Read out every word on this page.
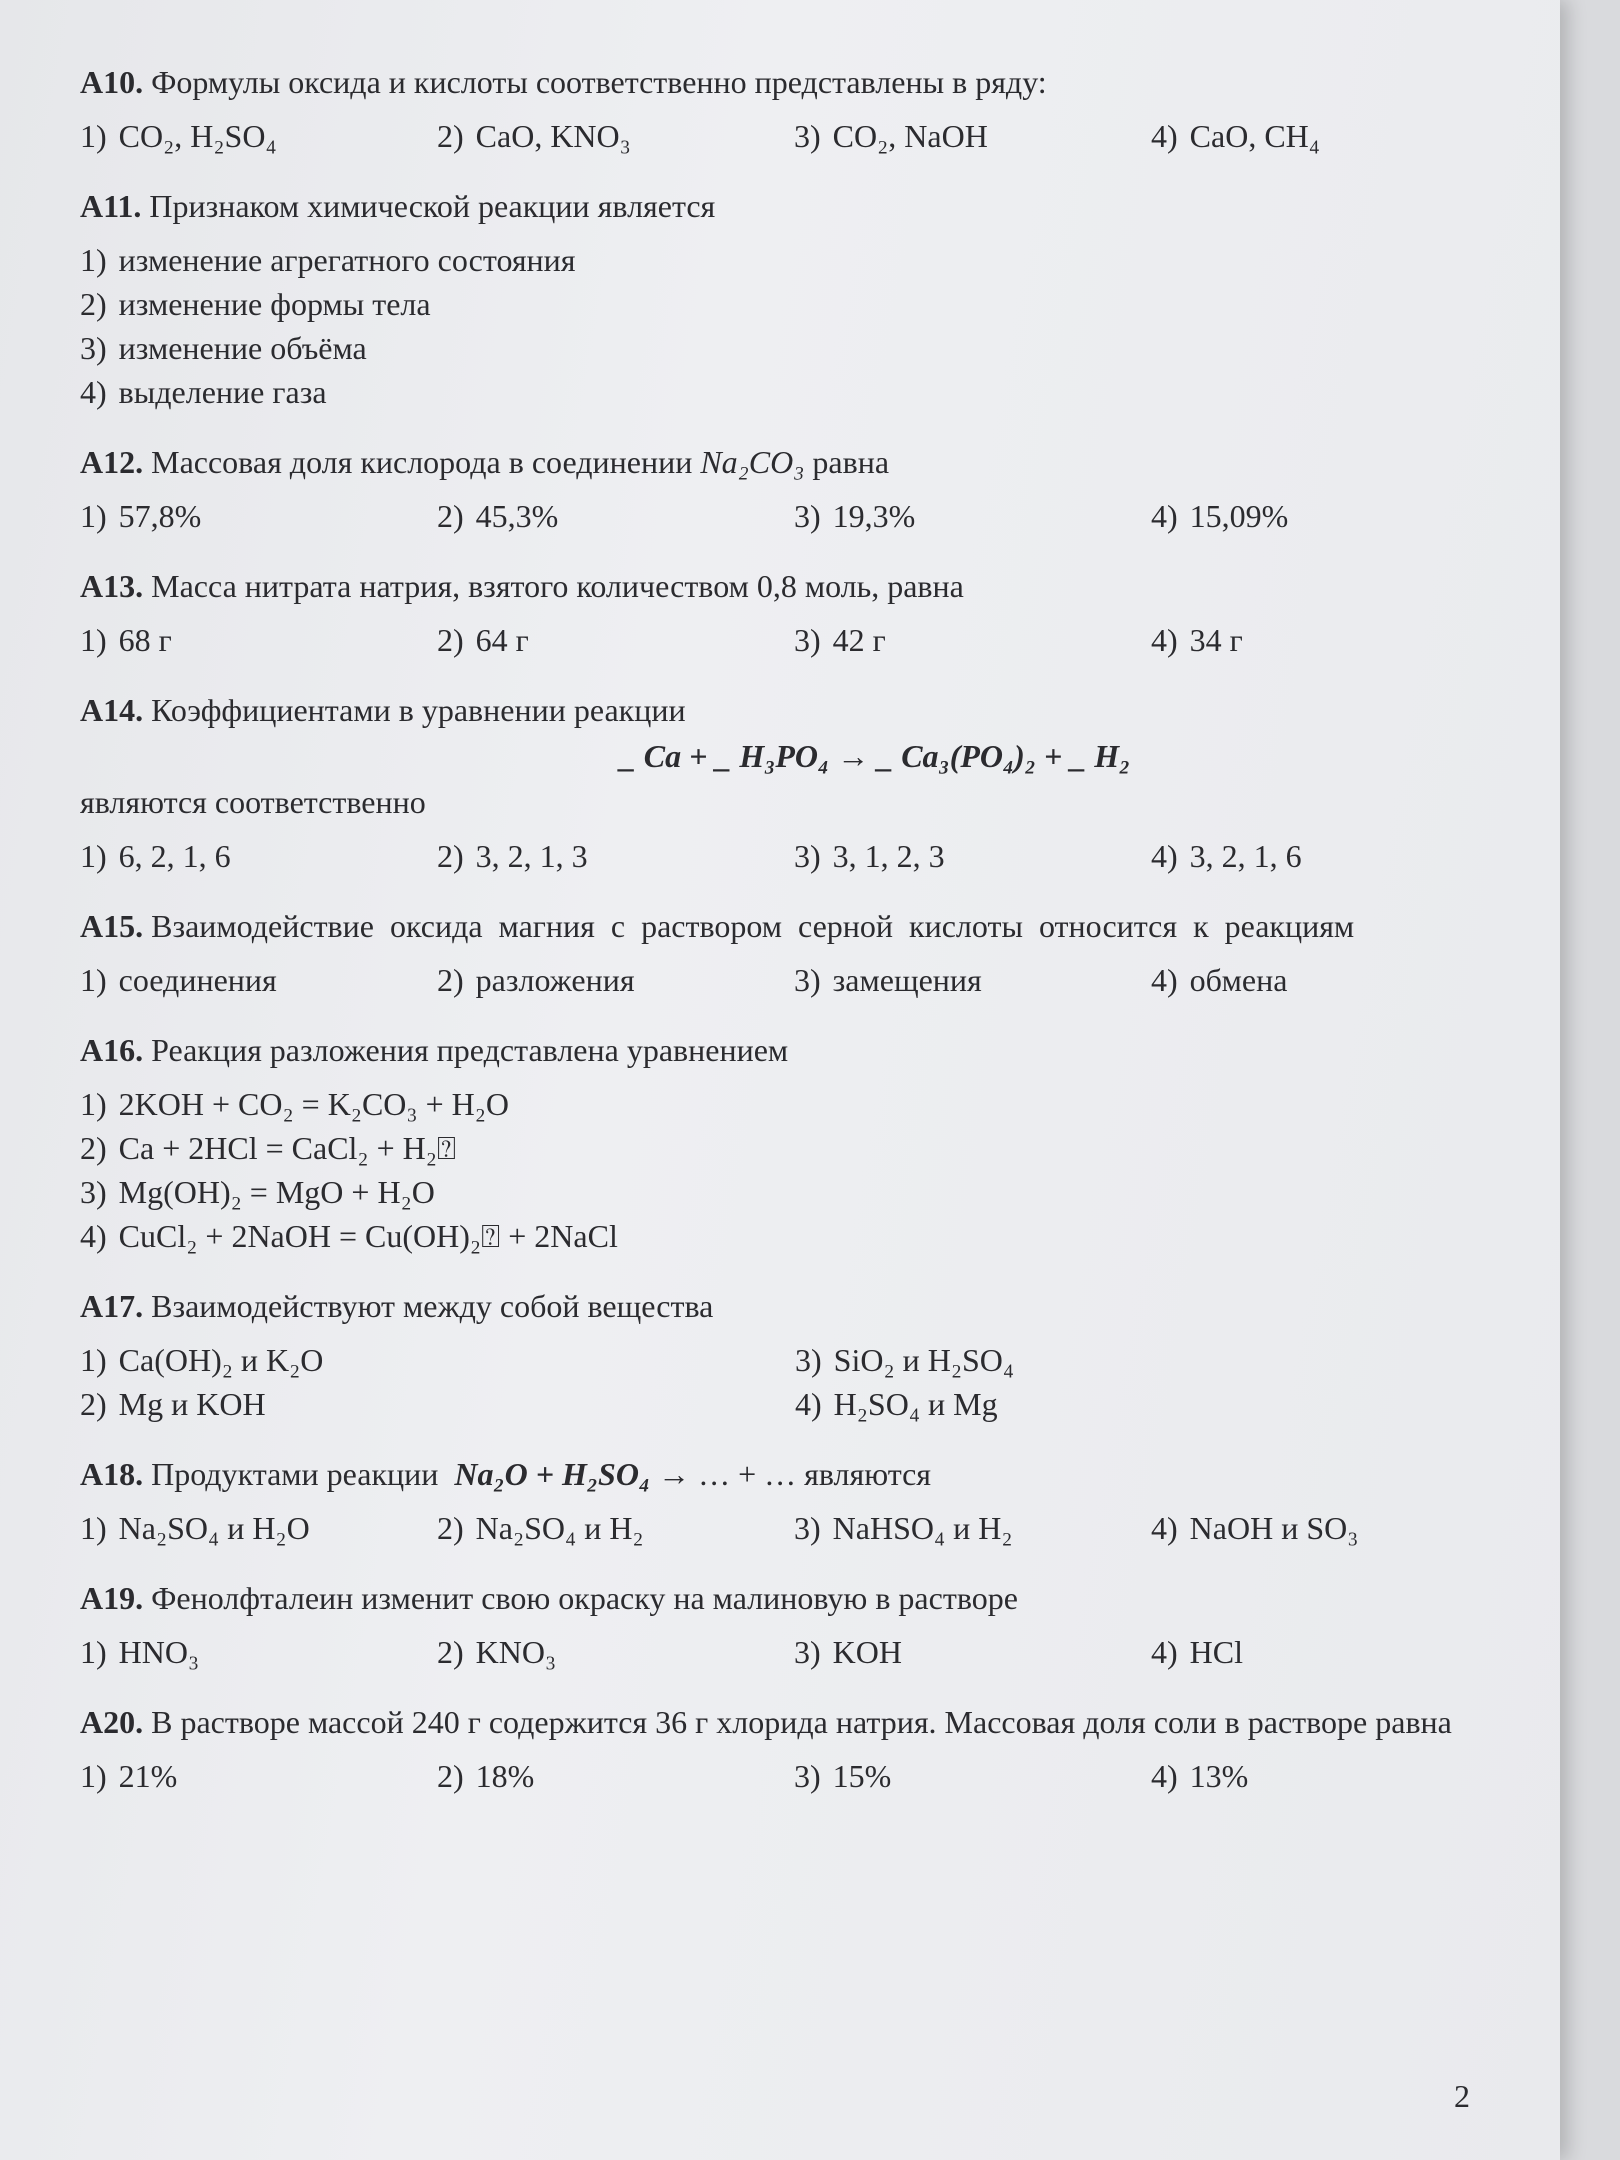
А10. Формулы оксида и кислоты соответственно представлены в ряду:
1) CO₂, H₂SO₄	2) CaO, KNO₃	3) CO₂, NaOH	4) CaO, CH₄
А11. Признаком химической реакции является
1) изменение агрегатного состояния
2) изменение формы тела
3) изменение объёма
4) выделение газа
А12. Массовая доля кислорода в соединении Na₂CO₃ равна
1) 57,8%	2) 45,3%	3) 19,3%	4) 15,09%
А13. Масса нитрата натрия, взятого количеством 0,8 моль, равна
1) 68 г	2) 64 г	3) 42 г	4) 34 г
А14. Коэффициентами в уравнении реакции
_ Ca + _ H₃PO₄ → _ Ca₃(PO₄)₂ + _ H₂
являются соответственно
1) 6, 2, 1, 6	2) 3, 2, 1, 3	3) 3, 1, 2, 3	4) 3, 2, 1, 6
А15. Взаимодействие оксида магния с раствором серной кислоты относится к реакциям
1) соединения	2) разложения	3) замещения	4) обмена
А16. Реакция разложения представлена уравнением
1) 2KOH + CO₂ = K₂CO₃ + H₂O
2) Ca + 2HCl = CaCl₂ + H₂⍰
3) Mg(OH)₂ = MgO + H₂O
4) CuCl₂ + 2NaOH = Cu(OH)₂⍰ + 2NaCl
А17. Взаимодействуют между собой вещества
1) Ca(OH)₂ и K₂O	3) SiO₂ и H₂SO₄
2) Mg и KOH	4) H₂SO₄ и Mg
А18. Продуктами реакции Na₂O + H₂SO₄ → … + … являются
1) Na₂SO₄ и H₂O	2) Na₂SO₄ и H₂	3) NaHSO₄ и H₂	4) NaOH и SO₃
А19. Фенолфталеин изменит свою окраску на малиновую в растворе
1) HNO₃	2) KNO₃	3) KOH	4) HCl
А20. В растворе массой 240 г содержится 36 г хлорида натрия. Массовая доля соли в растворе равна
1) 21%	2) 18%	3) 15%	4) 13%
2
